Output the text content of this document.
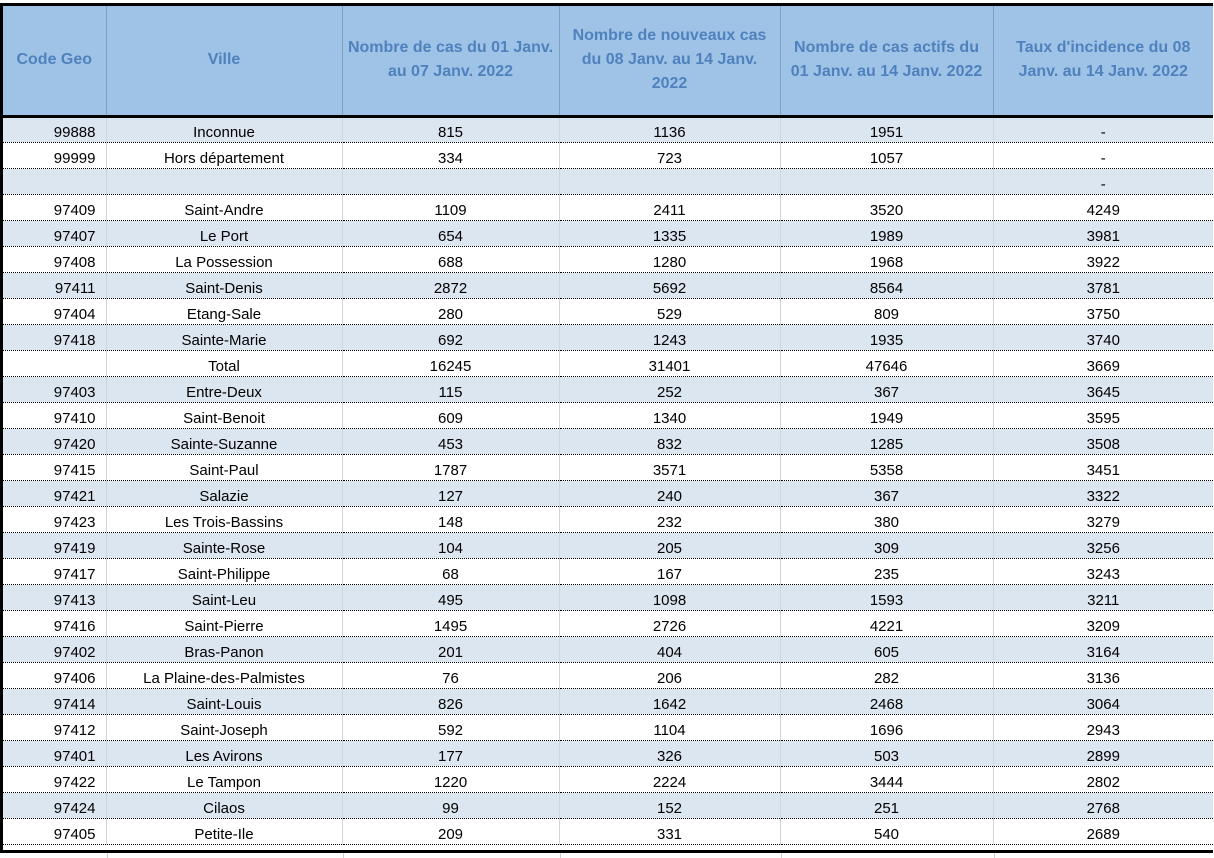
Code Geo	Ville	Nombre de cas du 01 Janv. au 07 Janv. 2022	Nombre de nouveaux cas du 08 Janv. au 14 Janv. 2022	Nombre de cas actifs du 01 Janv. au 14 Janv. 2022	Taux d'incidence du 08 Janv. au 14 Janv. 2022
99888	Inconnue	815	1136	1951	-
99999	Hors département	334	723	1057	-
					-
97409	Saint-Andre	1109	2411	3520	4249
97407	Le Port	654	1335	1989	3981
97408	La Possession	688	1280	1968	3922
97411	Saint-Denis	2872	5692	8564	3781
97404	Etang-Sale	280	529	809	3750
97418	Sainte-Marie	692	1243	1935	3740
	Total	16245	31401	47646	3669
97403	Entre-Deux	115	252	367	3645
97410	Saint-Benoit	609	1340	1949	3595
97420	Sainte-Suzanne	453	832	1285	3508
97415	Saint-Paul	1787	3571	5358	3451
97421	Salazie	127	240	367	3322
97423	Les Trois-Bassins	148	232	380	3279
97419	Sainte-Rose	104	205	309	3256
97417	Saint-Philippe	68	167	235	3243
97413	Saint-Leu	495	1098	1593	3211
97416	Saint-Pierre	1495	2726	4221	3209
97402	Bras-Panon	201	404	605	3164
97406	La Plaine-des-Palmistes	76	206	282	3136
97414	Saint-Louis	826	1642	2468	3064
97412	Saint-Joseph	592	1104	1696	2943
97401	Les Avirons	177	326	503	2899
97422	Le Tampon	1220	2224	3444	2802
97424	Cilaos	99	152	251	2768
97405	Petite-Ile	209	331	540	2689
